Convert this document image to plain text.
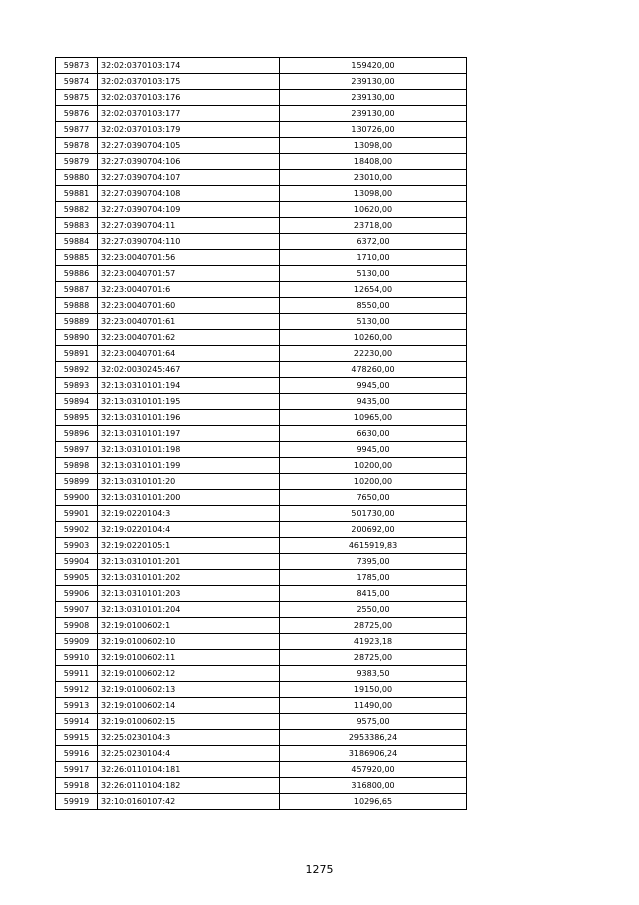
59873	32:02:0370103:174	159420,00
59874	32:02:0370103:175	239130,00
59875	32:02:0370103:176	239130,00
59876	32:02:0370103:177	239130,00
59877	32:02:0370103:179	130726,00
59878	32:27:0390704:105	13098,00
59879	32:27:0390704:106	18408,00
59880	32:27:0390704:107	23010,00
59881	32:27:0390704:108	13098,00
59882	32:27:0390704:109	10620,00
59883	32:27:0390704:11	23718,00
59884	32:27:0390704:110	6372,00
59885	32:23:0040701:56	1710,00
59886	32:23:0040701:57	5130,00
59887	32:23:0040701:6	12654,00
59888	32:23:0040701:60	8550,00
59889	32:23:0040701:61	5130,00
59890	32:23:0040701:62	10260,00
59891	32:23:0040701:64	22230,00
59892	32:02:0030245:467	478260,00
59893	32:13:0310101:194	9945,00
59894	32:13:0310101:195	9435,00
59895	32:13:0310101:196	10965,00
59896	32:13:0310101:197	6630,00
59897	32:13:0310101:198	9945,00
59898	32:13:0310101:199	10200,00
59899	32:13:0310101:20	10200,00
59900	32:13:0310101:200	7650,00
59901	32:19:0220104:3	501730,00
59902	32:19:0220104:4	200692,00
59903	32:19:0220105:1	4615919,83
59904	32:13:0310101:201	7395,00
59905	32:13:0310101:202	1785,00
59906	32:13:0310101:203	8415,00
59907	32:13:0310101:204	2550,00
59908	32:19:0100602:1	28725,00
59909	32:19:0100602:10	41923,18
59910	32:19:0100602:11	28725,00
59911	32:19:0100602:12	9383,50
59912	32:19:0100602:13	19150,00
59913	32:19:0100602:14	11490,00
59914	32:19:0100602:15	9575,00
59915	32:25:0230104:3	2953386,24
59916	32:25:0230104:4	3186906,24
59917	32:26:0110104:181	457920,00
59918	32:26:0110104:182	316800,00
59919	32:10:0160107:42	10296,65
1275
